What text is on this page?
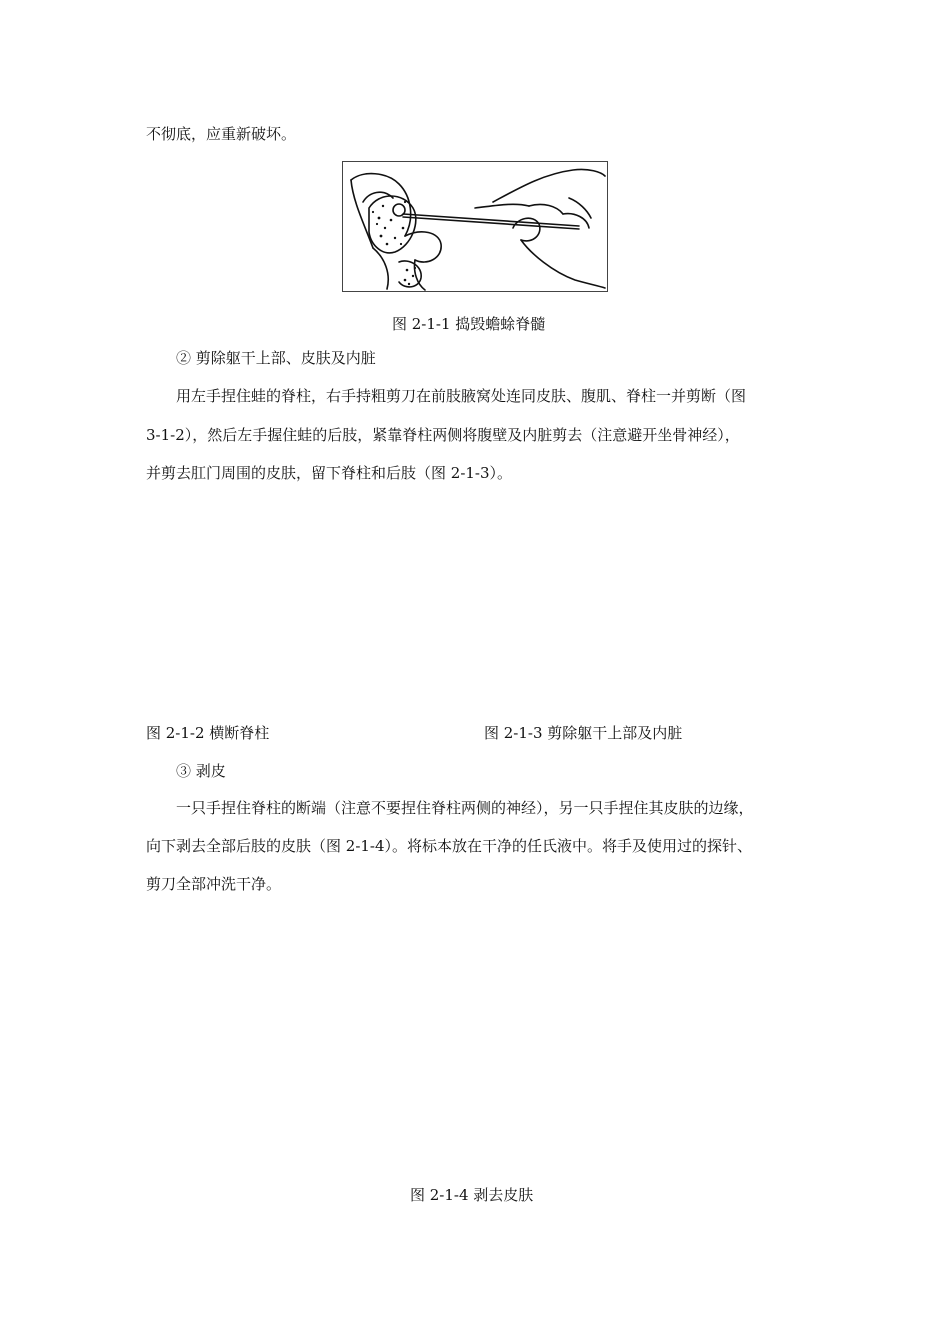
不彻底，应重新破坏。
图 2-1-1 捣毁蟾蜍脊髓
② 剪除躯干上部、皮肤及内脏
用左手捏住蛙的脊柱，右手持粗剪刀在前肢腋窝处连同皮肤、腹肌、脊柱一并剪断（图
3-1-2），然后左手握住蛙的后肢，紧靠脊柱两侧将腹壁及内脏剪去（注意避开坐骨神经），
并剪去肛门周围的皮肤，留下脊柱和后肢（图 2-1-3）。
图 2-1-2 横断脊柱	图 2-1-3 剪除躯干上部及内脏
③ 剥皮
一只手捏住脊柱的断端（注意不要捏住脊柱两侧的神经），另一只手捏住其皮肤的边缘，
向下剥去全部后肢的皮肤（图 2-1-4）。将标本放在干净的任氏液中。将手及使用过的探针、
剪刀全部冲洗干净。
图 2-1-4 剥去皮肤
